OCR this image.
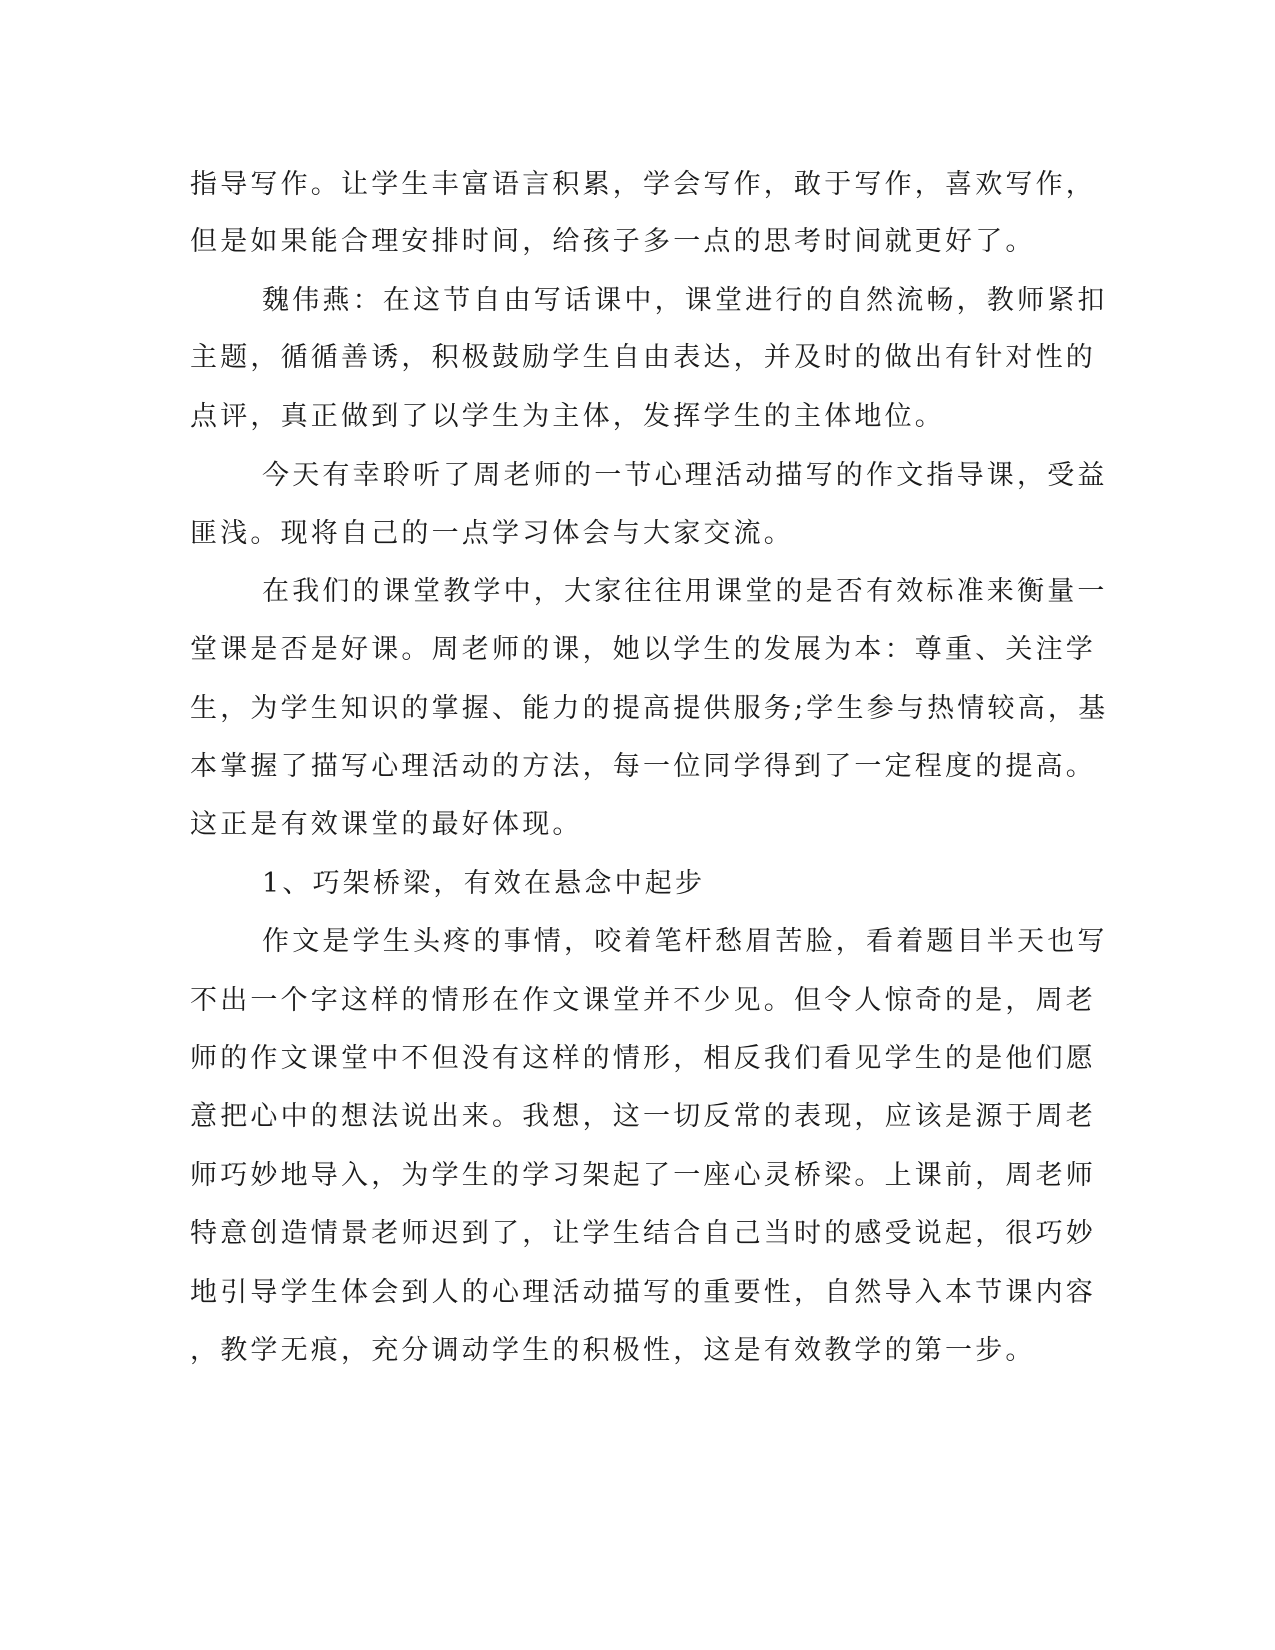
指导写作。让学生丰富语言积累，学会写作，敢于写作，喜欢写作，
但是如果能合理安排时间，给孩子多一点的思考时间就更好了。
魏伟燕：在这节自由写话课中，课堂进行的自然流畅，教师紧扣
主题，循循善诱，积极鼓励学生自由表达，并及时的做出有针对性的
点评，真正做到了以学生为主体，发挥学生的主体地位。
今天有幸聆听了周老师的一节心理活动描写的作文指导课，受益
匪浅。现将自己的一点学习体会与大家交流。
在我们的课堂教学中，大家往往用课堂的是否有效标准来衡量一
堂课是否是好课。周老师的课，她以学生的发展为本：尊重、关注学
生，为学生知识的掌握、能力的提高提供服务;学生参与热情较高，基
本掌握了描写心理活动的方法，每一位同学得到了一定程度的提高。
这正是有效课堂的最好体现。
1、巧架桥梁，有效在悬念中起步
作文是学生头疼的事情，咬着笔杆愁眉苦脸，看着题目半天也写
不出一个字这样的情形在作文课堂并不少见。但令人惊奇的是，周老
师的作文课堂中不但没有这样的情形，相反我们看见学生的是他们愿
意把心中的想法说出来。我想，这一切反常的表现，应该是源于周老
师巧妙地导入，为学生的学习架起了一座心灵桥梁。上课前，周老师
特意创造情景老师迟到了，让学生结合自己当时的感受说起，很巧妙
地引导学生体会到人的心理活动描写的重要性，自然导入本节课内容
，教学无痕，充分调动学生的积极性，这是有效教学的第一步。
